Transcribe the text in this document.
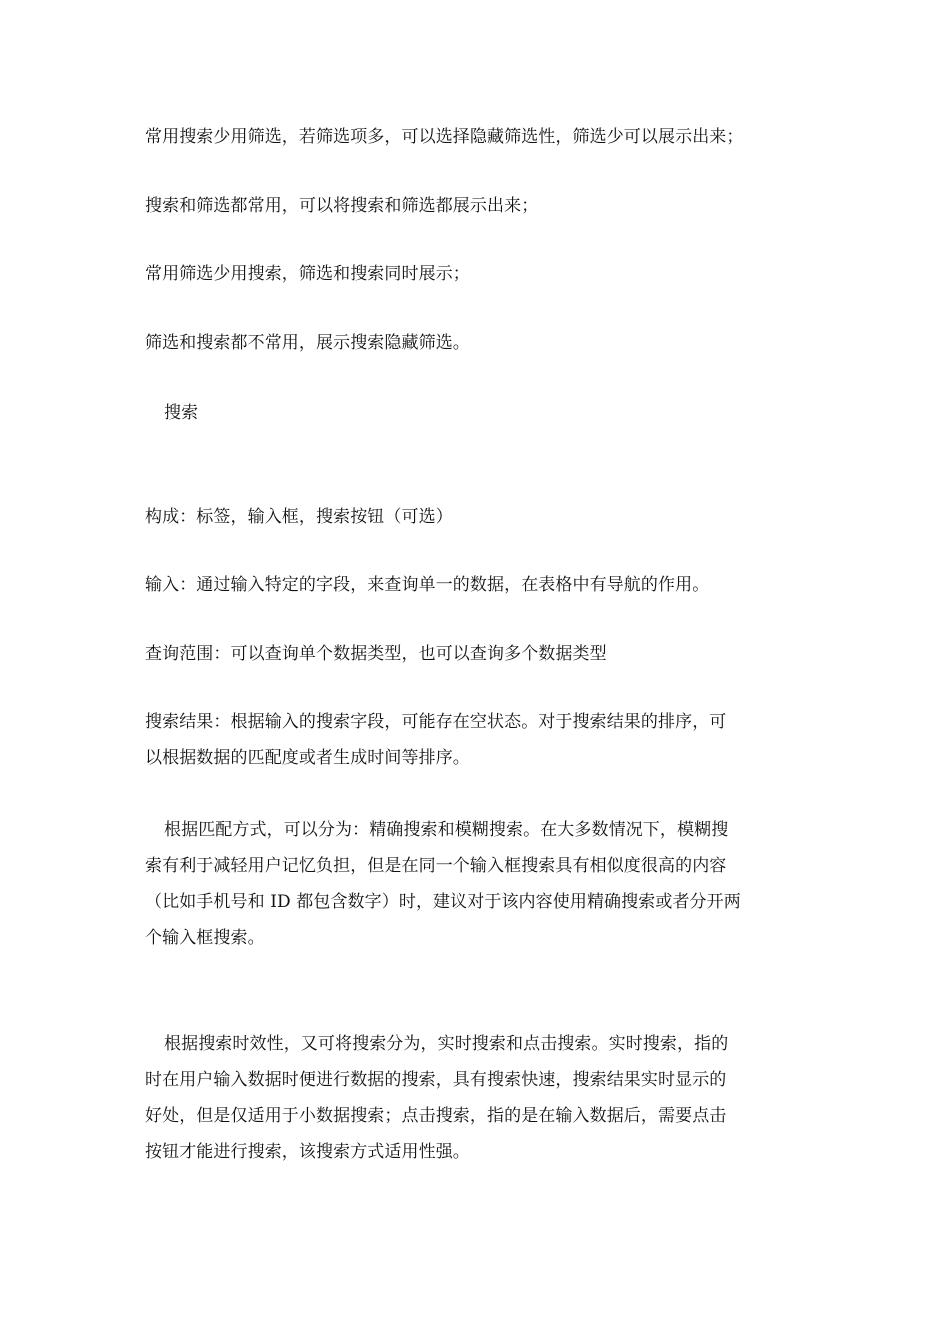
常用搜索少用筛选，若筛选项多，可以选择隐藏筛选性，筛选少可以展示出来；
搜索和筛选都常用，可以将搜索和筛选都展示出来；
常用筛选少用搜索，筛选和搜索同时展示；
筛选和搜索都不常用，展示搜索隐藏筛选。
搜索
构成：标签，输入框，搜索按钮（可选）
输入：通过输入特定的字段，来查询单一的数据，在表格中有导航的作用。
查询范围：可以查询单个数据类型，也可以查询多个数据类型
搜索结果：根据输入的搜索字段，可能存在空状态。对于搜索结果的排序，可
以根据数据的匹配度或者生成时间等排序。
根据匹配方式，可以分为：精确搜索和模糊搜索。在大多数情况下，模糊搜
索有利于减轻用户记忆负担，但是在同一个输入框搜索具有相似度很高的内容
（比如手机号和 ID 都包含数字）时，建议对于该内容使用精确搜索或者分开两
个输入框搜索。
根据搜索时效性，又可将搜索分为，实时搜索和点击搜索。实时搜索，指的
时在用户输入数据时便进行数据的搜索，具有搜索快速，搜索结果实时显示的
好处，但是仅适用于小数据搜索；点击搜索，指的是在输入数据后，需要点击
按钮才能进行搜索，该搜索方式适用性强。
